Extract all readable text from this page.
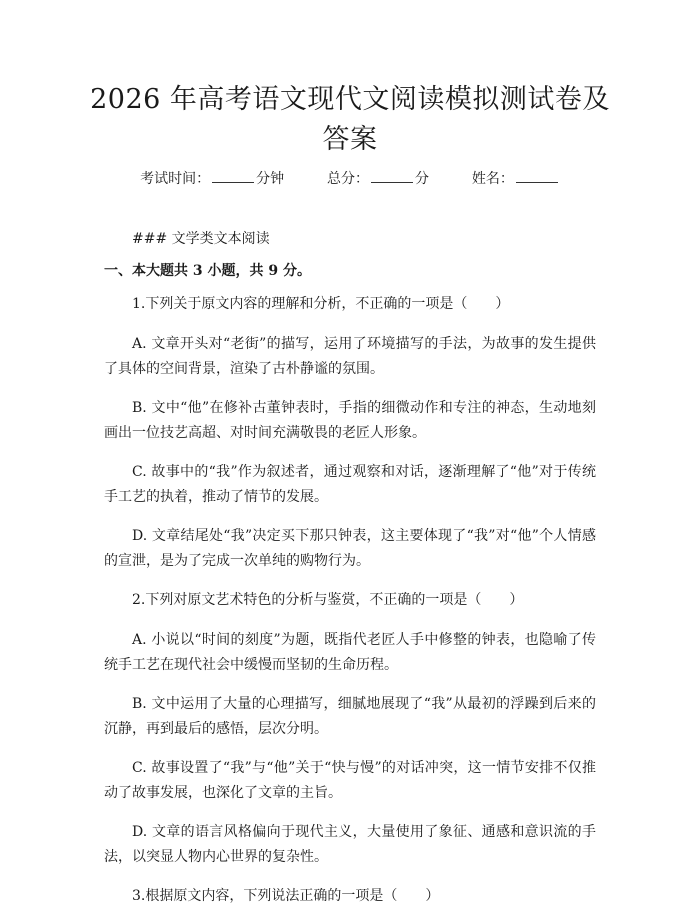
2026 年高考语文现代文阅读模拟测试卷及答案
考试时间：	分钟	总分：	分	姓名：
### 文学类文本阅读
一、本大题共 3 小题，共 9 分。

1.下列关于原文内容的理解和分析，不正确的一项是（　　）

A. 文章开头对“老街”的描写，运用了环境描写的手法，为故事的发生提供了具体的空间背景，渲染了古朴静谧的氛围。

B. 文中“他”在修补古董钟表时，手指的细微动作和专注的神态，生动地刻画出一位技艺高超、对时间充满敬畏的老匠人形象。

C. 故事中的“我”作为叙述者，通过观察和对话，逐渐理解了“他”对于传统手工艺的执着，推动了情节的发展。

D. 文章结尾处“我”决定买下那只钟表，这主要体现了“我”对“他”个人情感的宣泄，是为了完成一次单纯的购物行为。

2.下列对原文艺术特色的分析与鉴赏，不正确的一项是（　　）

A. 小说以“时间的刻度”为题，既指代老匠人手中修整的钟表，也隐喻了传统手工艺在现代社会中缓慢而坚韧的生命历程。

B. 文中运用了大量的心理描写，细腻地展现了“我”从最初的浮躁到后来的沉静，再到最后的感悟，层次分明。

C. 故事设置了“我”与“他”关于“快与慢”的对话冲突，这一情节安排不仅推动了故事发展，也深化了文章的主旨。

D. 文章的语言风格偏向于现代主义，大量使用了象征、通感和意识流的手法，以突显人物内心世界的复杂性。

3.根据原文内容，下列说法正确的一项是（　　）
